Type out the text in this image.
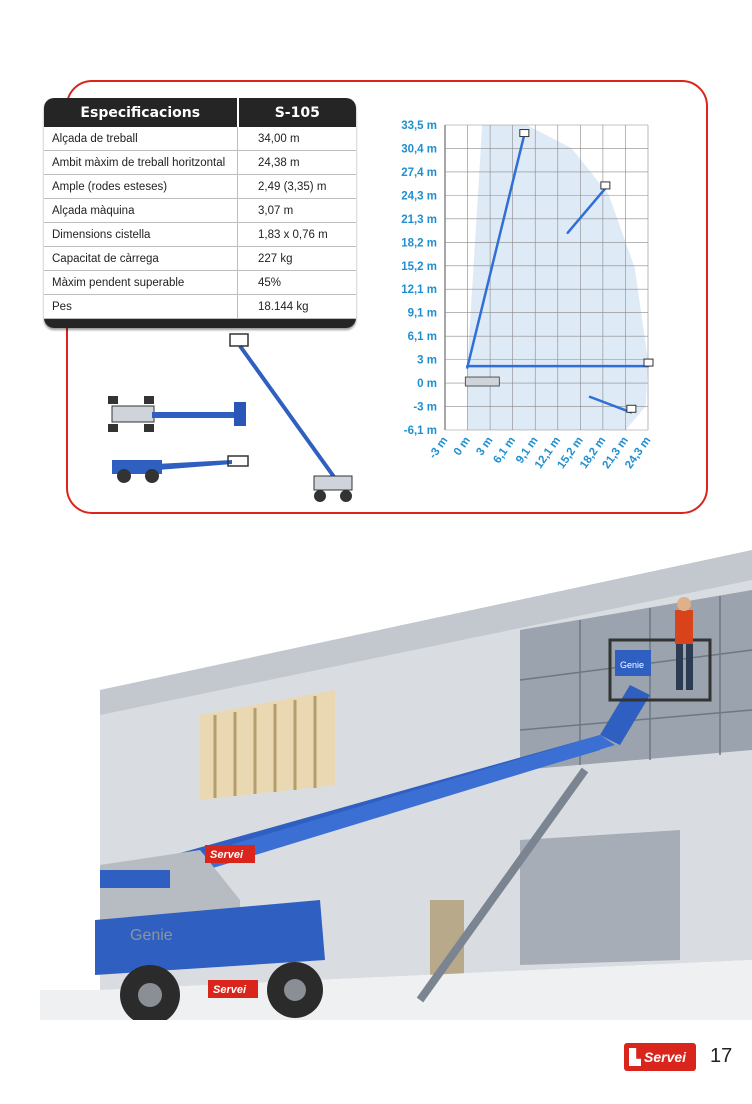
Especificacions	S-105
Alçada de treball	34,00 m
Ambit màxim de treball horitzontal	24,38 m
Ample (rodes esteses)	2,49 (3,35) m
Alçada màquina	3,07 m
Dimensions cistella	1,83 x 0,76 m
Capacitat de càrrega	227 kg
Màxim pendent superable	45%
Pes	18.144 kg
33,5 m
30,4 m
27,4 m
24,3 m
21,3 m
18,2 m
15,2 m
12,1 m
9,1 m
6,1 m
3 m
0 m
-3 m
-6,1 m
-3 m 0 m 3 m
6,1 m
9,1 m
12,1 m
15,2 m
18,2 m
21,3 m
24,3 m
Genie
Genie
Servei
Servei
Servei 17
